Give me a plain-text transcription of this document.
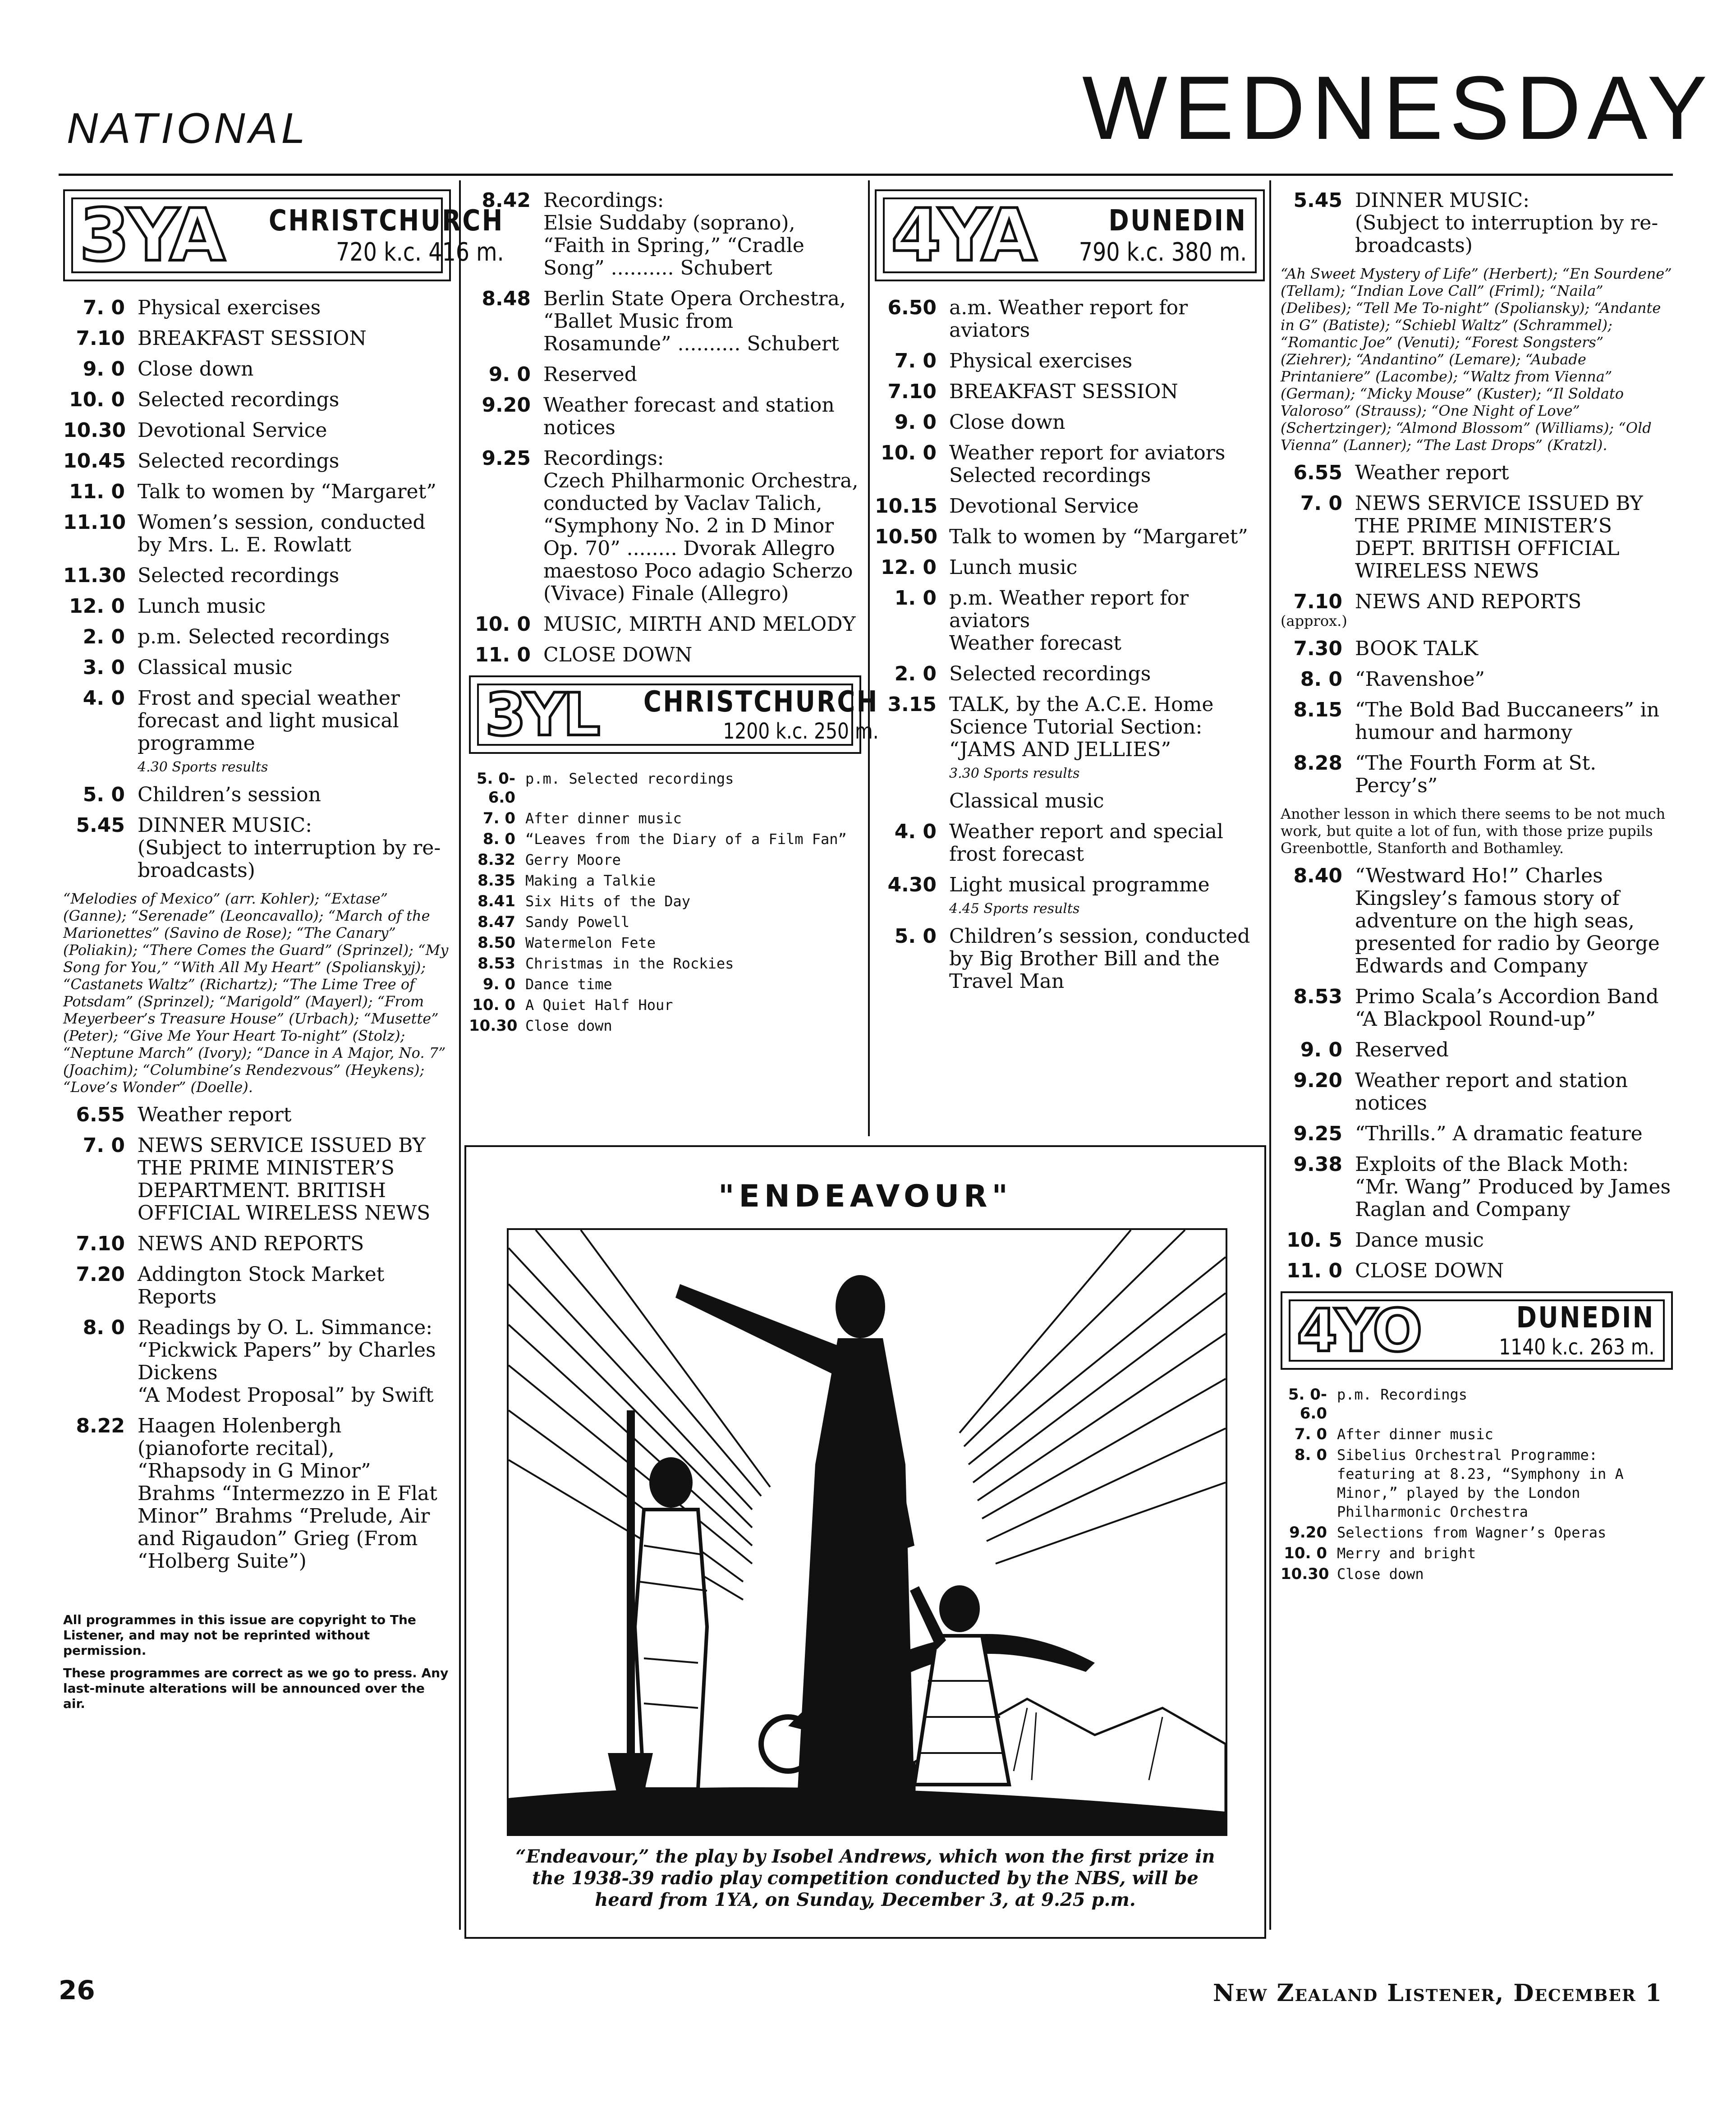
NATIONAL	WEDNESDAY
3YA CHRISTCHURCH
720 k.c. 416 m.
7. 0 Physical exercises
7.10 BREAKFAST SESSION
9. 0 Close down
10. 0 Selected recordings
10.30 Devotional Service
10.45 Selected recordings
11. 0 Talk to women by “Margaret”
11.10 Women’s session, conducted by Mrs. L. E. Rowlatt
11.30 Selected recordings
12. 0 Lunch music
2. 0 p.m. Selected recordings
3. 0 Classical music
4. 0 Frost and special weather forecast and light musical programme
4.30 Sports results
5. 0 Children’s session
5.45 DINNER MUSIC:
(Subject to interruption by re-broadcasts)
“Melodies of Mexico” (arr. Kohler); “Extase” (Ganne); “Serenade” (Leoncavallo); “March of the Marionettes” (Savino de Rose); “The Canary” (Poliakin); “There Comes the Guard” (Sprinzel); “My Song for You,” “With All My Heart” (Spolianskyj); “Castanets Waltz” (Richartz); “The Lime Tree of Potsdam” (Sprinzel); “Marigold” (Mayerl); “From Meyerbeer’s Treasure House” (Urbach); “Musette” (Peter); “Give Me Your Heart To-night” (Stolz); “Neptune March” (Ivory); “Dance in A Major, No. 7” (Joachim); “Columbine’s Rendezvous” (Heykens); “Love’s Wonder” (Doelle).
6.55 Weather report
7. 0 NEWS SERVICE ISSUED BY THE PRIME MINISTER’S DEPARTMENT. BRITISH OFFICIAL WIRELESS NEWS
7.10 NEWS AND REPORTS
7.20 Addington Stock Market Reports
8. 0 Readings by O. L. Simmance: “Pickwick Papers” by Charles Dickens
“A Modest Proposal” by Swift
8.22 Haagen Holenbergh (pianoforte recital),
“Rhapsody in G Minor” Brahms “Intermezzo in E Flat Minor” Brahms “Prelude, Air and Rigaudon” Grieg (From “Holberg Suite”)
All programmes in this issue are copyright to The Listener, and may not be reprinted without permission.
These programmes are correct as we go to press. Any last-minute alterations will be announced over the air.
8.42 Recordings:
Elsie Suddaby (soprano), “Faith in Spring,” “Cradle Song” .......... Schubert
8.48 Berlin State Opera Orchestra, “Ballet Music from Rosamunde” .......... Schubert
9. 0 Reserved
9.20 Weather forecast and station notices
9.25 Recordings:
Czech Philharmonic Orchestra, conducted by Vaclav Talich, “Symphony No. 2 in D Minor Op. 70” ........ Dvorak Allegro maestoso Poco adagio Scherzo (Vivace) Finale (Allegro)
10. 0 MUSIC, MIRTH AND MELODY
11. 0 CLOSE DOWN
3YL CHRISTCHURCH
1200 k.c. 250 m.
5. 0-6.0
p.m. Selected recordings
7. 0 After dinner music
8. 0 “Leaves from the Diary of a Film Fan”
8.32 Gerry Moore
8.35 Making a Talkie
8.41 Six Hits of the Day
8.47 Sandy Powell
8.50 Watermelon Fete
8.53 Christmas in the Rockies
9. 0 Dance time
10. 0 A Quiet Half Hour
10.30 Close down
4YA	DUNEDIN
790 k.c. 380 m.
6.50 a.m. Weather report for aviators
7. 0 Physical exercises
7.10 BREAKFAST SESSION
9. 0 Close down
10. 0 Weather report for aviators
Selected recordings
10.15 Devotional Service
10.50 Talk to women by “Margaret”
12. 0 Lunch music
1. 0 p.m. Weather report for aviators
Weather forecast
2. 0 Selected recordings
3.15 TALK, by the A.C.E. Home Science Tutorial Section: “JAMS AND JELLIES”
3.30 Sports results
Classical music
4. 0 Weather report and special frost forecast
4.30 Light musical programme
4.45 Sports results
5. 0 Children’s session, conducted by Big Brother Bill and the Travel Man
5.45 DINNER MUSIC:
(Subject to interruption by re-broadcasts)
“Ah Sweet Mystery of Life” (Herbert); “En Sourdene” (Tellam); “Indian Love Call” (Friml); “Naila” (Delibes); “Tell Me To-night” (Spoliansky); “Andante in G” (Batiste); “Schiebl Waltz” (Schrammel); “Romantic Joe” (Venuti); “Forest Songsters” (Ziehrer); “Andantino” (Lemare); “Aubade Printaniere” (Lacombe); “Waltz from Vienna” (German); “Micky Mouse” (Kuster); “Il Soldato Valoroso” (Strauss); “One Night of Love” (Schertzinger); “Almond Blossom” (Williams); “Old Vienna” (Lanner); “The Last Drops” (Kratzl).
6.55 Weather report
7. 0 NEWS SERVICE ISSUED BY THE PRIME MINISTER’S DEPT. BRITISH OFFICIAL WIRELESS NEWS
7.10 NEWS AND REPORTS
(approx.)
7.30 BOOK TALK
8. 0 “Ravenshoe”
8.15 “The Bold Bad Buccaneers” in humour and harmony
8.28 “The Fourth Form at St. Percy’s”
Another lesson in which there seems to be not much work, but quite a lot of fun, with those prize pupils Greenbottle, Stanforth and Bothamley.
8.40 “Westward Ho!” Charles Kingsley’s famous story of adventure on the high seas, presented for radio by George Edwards and Company
8.53 Primo Scala’s Accordion Band “A Blackpool Round-up”
9. 0 Reserved
9.20 Weather report and station notices
9.25 “Thrills.” A dramatic feature
9.38 Exploits of the Black Moth: “Mr. Wang” Produced by James Raglan and Company
10. 5 Dance music
11. 0 CLOSE DOWN
4YO	DUNEDIN
1140 k.c. 263 m.
5. 0-6.0
p.m. Recordings
7. 0 After dinner music
8. 0 Sibelius Orchestral Programme: featuring at 8.23, “Symphony in A Minor,” played by the London Philharmonic Orchestra
9.20 Selections from Wagner’s Operas
10. 0 Merry and bright
10.30 Close down
"ENDEAVOUR"
RUSSELL CLARK
“Endeavour,” the play by Isobel Andrews, which won the first prize in the 1938-39 radio play competition conducted by the NBS, will be heard from 1YA, on Sunday, December 3, at 9.25 p.m.
26	New Zealand Listener, December 1
